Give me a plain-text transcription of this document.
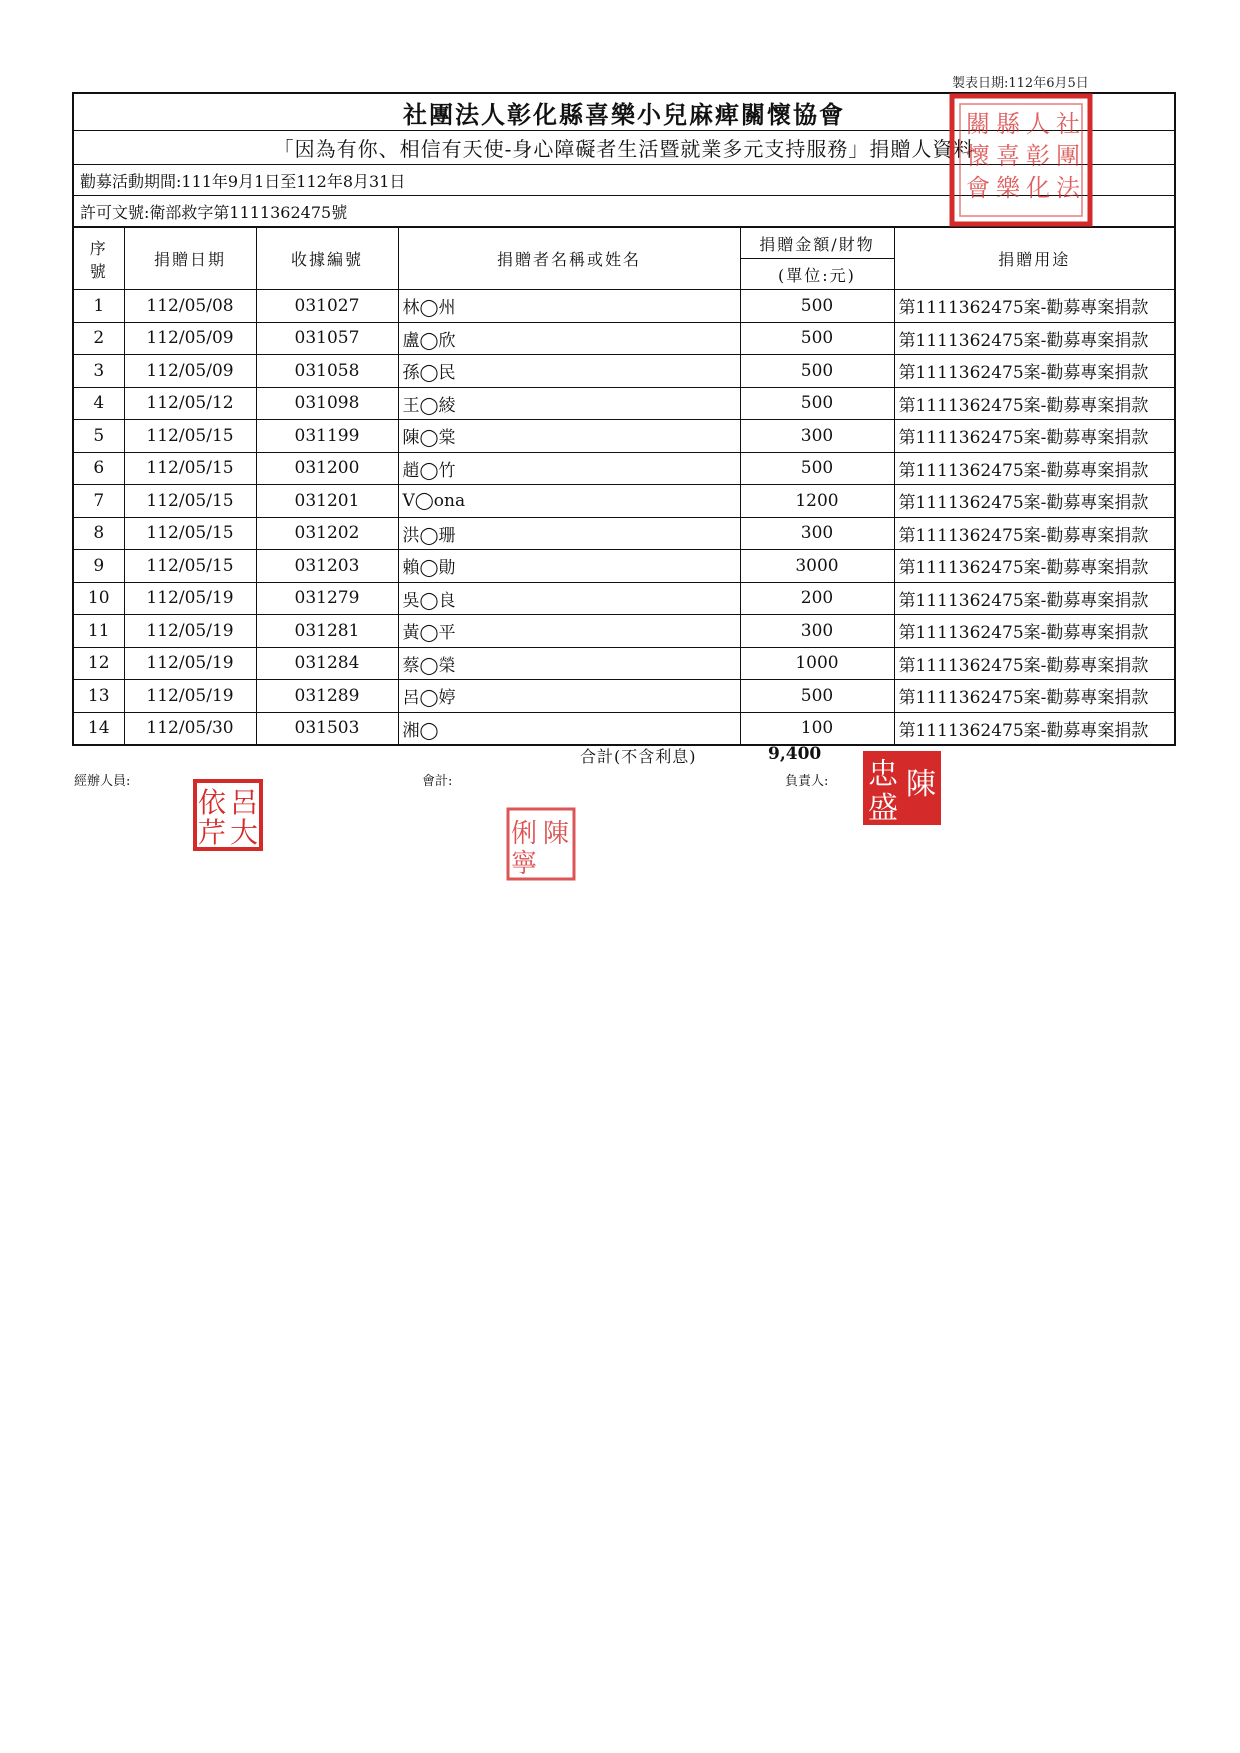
製表日期:112年6月5日
社團法人彰化縣喜樂小兒麻痺關懷協會
「因為有你、相信有天使-身心障礙者生活暨就業多元支持服務」捐贈人資料
勸募活動期間:111年9月1日至112年8月31日
許可文號:衛部救字第1111362475號
序
號	捐贈日期	收據編號	捐贈者名稱或姓名	捐贈金額/財物	捐贈用途
				(單位:元)	
1	112/05/08	031027	林◯州	500	第1111362475案-勸募專案捐款
2	112/05/09	031057	盧◯欣	500	第1111362475案-勸募專案捐款
3	112/05/09	031058	孫◯民	500	第1111362475案-勸募專案捐款
4	112/05/12	031098	王◯綾	500	第1111362475案-勸募專案捐款
5	112/05/15	031199	陳◯棠	300	第1111362475案-勸募專案捐款
6	112/05/15	031200	趙◯竹	500	第1111362475案-勸募專案捐款
7	112/05/15	031201	V◯ona	1200	第1111362475案-勸募專案捐款
8	112/05/15	031202	洪◯珊	300	第1111362475案-勸募專案捐款
9	112/05/15	031203	賴◯勛	3000	第1111362475案-勸募專案捐款
10	112/05/19	031279	吳◯良	200	第1111362475案-勸募專案捐款
11	112/05/19	031281	黃◯平	300	第1111362475案-勸募專案捐款
12	112/05/19	031284	蔡◯榮	1000	第1111362475案-勸募專案捐款
13	112/05/19	031289	呂◯婷	500	第1111362475案-勸募專案捐款
14	112/05/30	031503	湘◯	100	第1111362475案-勸募專案捐款
合計(不含利息)	9,400
經辦人員:	會計:	負責人:
社
團
法
人
彰
化
縣
喜
樂
關
懷
會
呂
大
依
芹	陳
俐
寧
陳
忠
盛
